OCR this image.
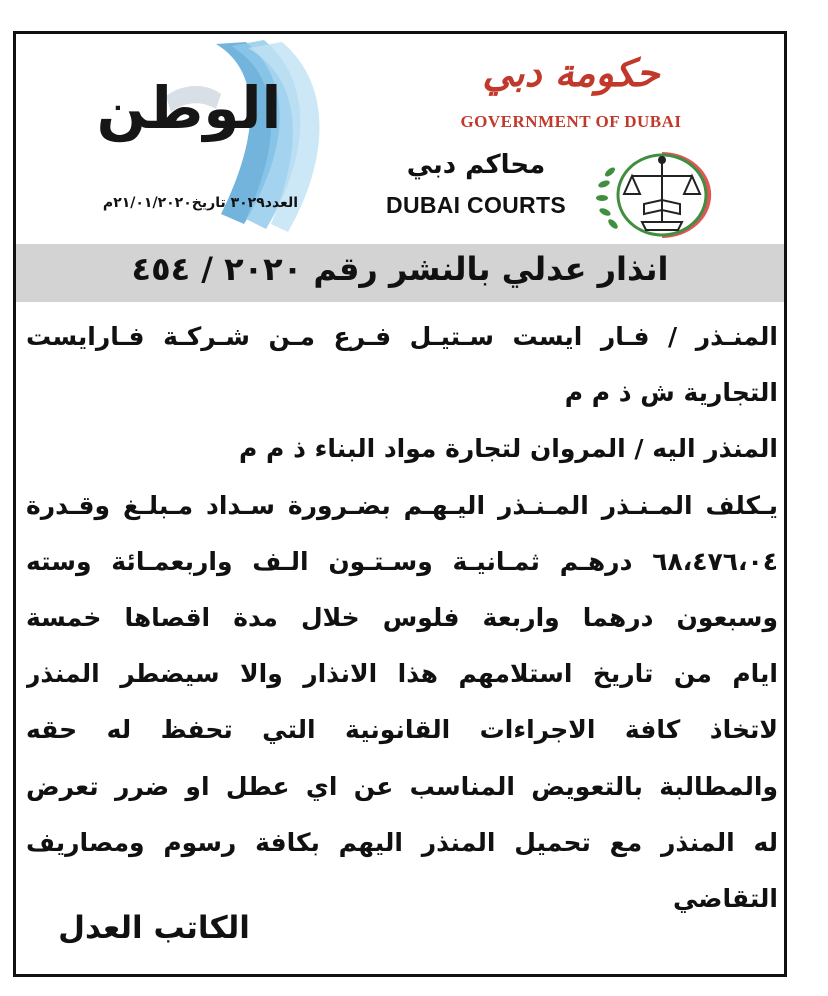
الوطن
العدد٣٠٢٩ تاريخ٢١/٠١/٢٠٢٠م
حكومة دبي
GOVERNMENT OF DUBAI
محاكم دبي
DUBAI COURTS
انذار عدلي بالنشر رقم ٢٠٢٠ / ٤٥٤
المنـذر / فـار ايست سـتيـل فـرع مـن شـركـة فـارايست
التجارية ش ذ م م
المنذر اليه / المروان لتجارة مواد البناء ذ م م
يـكلف المـنـذر المـنـذر اليـهـم بضـرورة سـداد مـبلـغ وقـدرة
٦٨،٤٧٦،٠٤ درهـم ثمـانيـة وسـتـون الـف واربعمـائة وسته
وسبعون درهما واربعة فلوس خلال مدة اقصاها خمسة
ايام من تاريخ استلامهم هذا الانذار والا سيضطر المنذر
لاتخاذ كافة الاجراءات القانونية التي تحفظ له حقه
والمطالبة بالتعويض المناسب عن اي عطل او ضرر تعرض
له المنذر مع تحميل المنذر اليهم بكافة رسوم ومصاريف
التقاضي
الكاتب العدل
